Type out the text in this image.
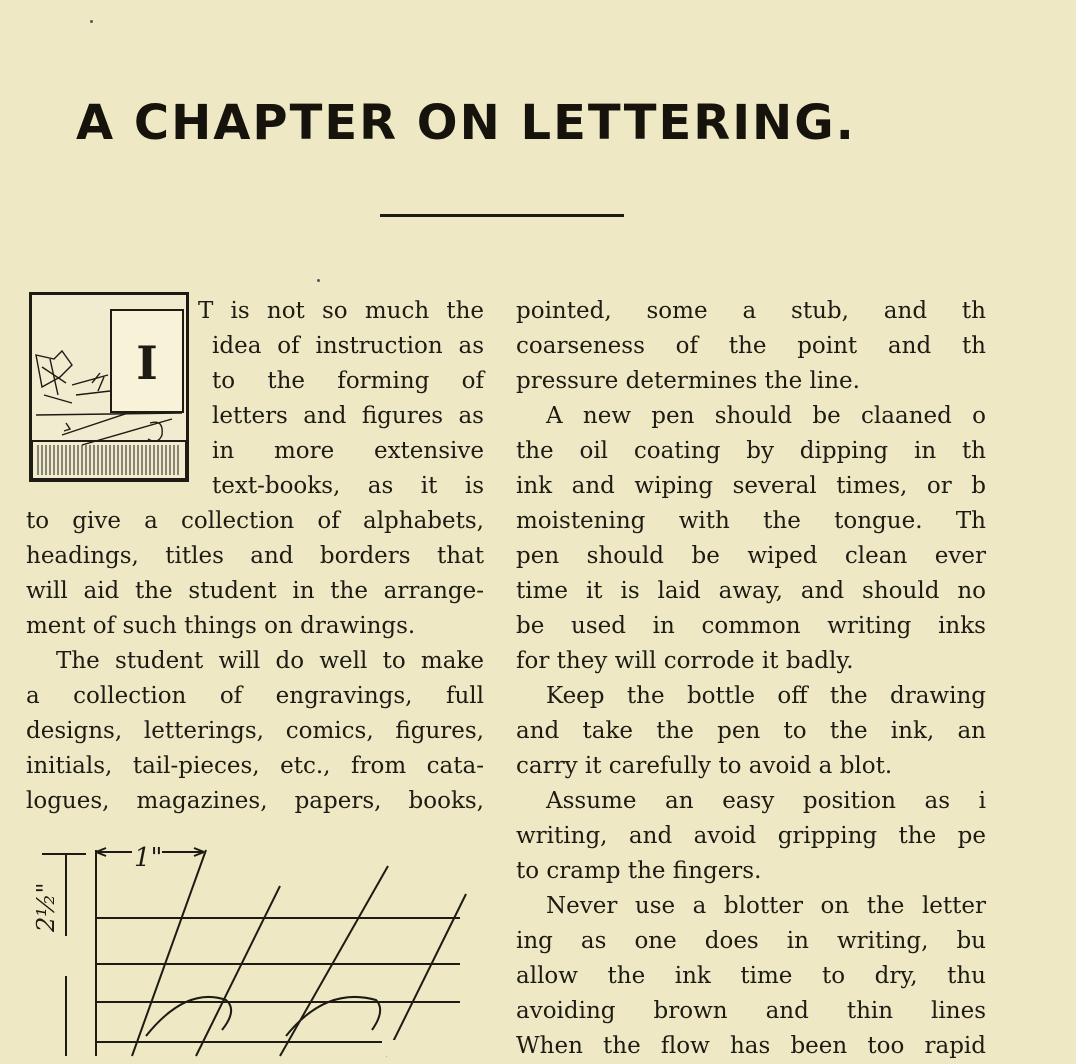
A CHAPTER ON LETTERING.
I
T is not so much the
idea of instruction as
to the forming of
letters and figures as
in more extensive
text-books, as it is
to give a collection of alphabets,
headings, titles and borders that
will aid the student in the arrange-
ment of such things on drawings.
The student will do well to make
a collection of engravings, full
designs, letterings, comics, figures,
initials, tail-pieces, etc., from cata-
logues, magazines, papers, books,
1"
2½"
pointed, some a stub, and th
coarseness of the point and th
pressure determines the line.
A new pen should be claaned o
the oil coating by dipping in th
ink and wiping several times, or b
moistening with the tongue. Th
pen should be wiped clean ever
time it is laid away, and should no
be used in common writing inks
for they will corrode it badly.
Keep the bottle off the drawing
and take the pen to the ink, an
carry it carefully to avoid a blot.
Assume an easy position as i
writing, and avoid gripping the pe
to cramp the fingers.
Never use a blotter on the letter
ing as one does in writing, bu
allow the ink time to dry, thu
avoiding brown and thin lines
When the flow has been too rapid
